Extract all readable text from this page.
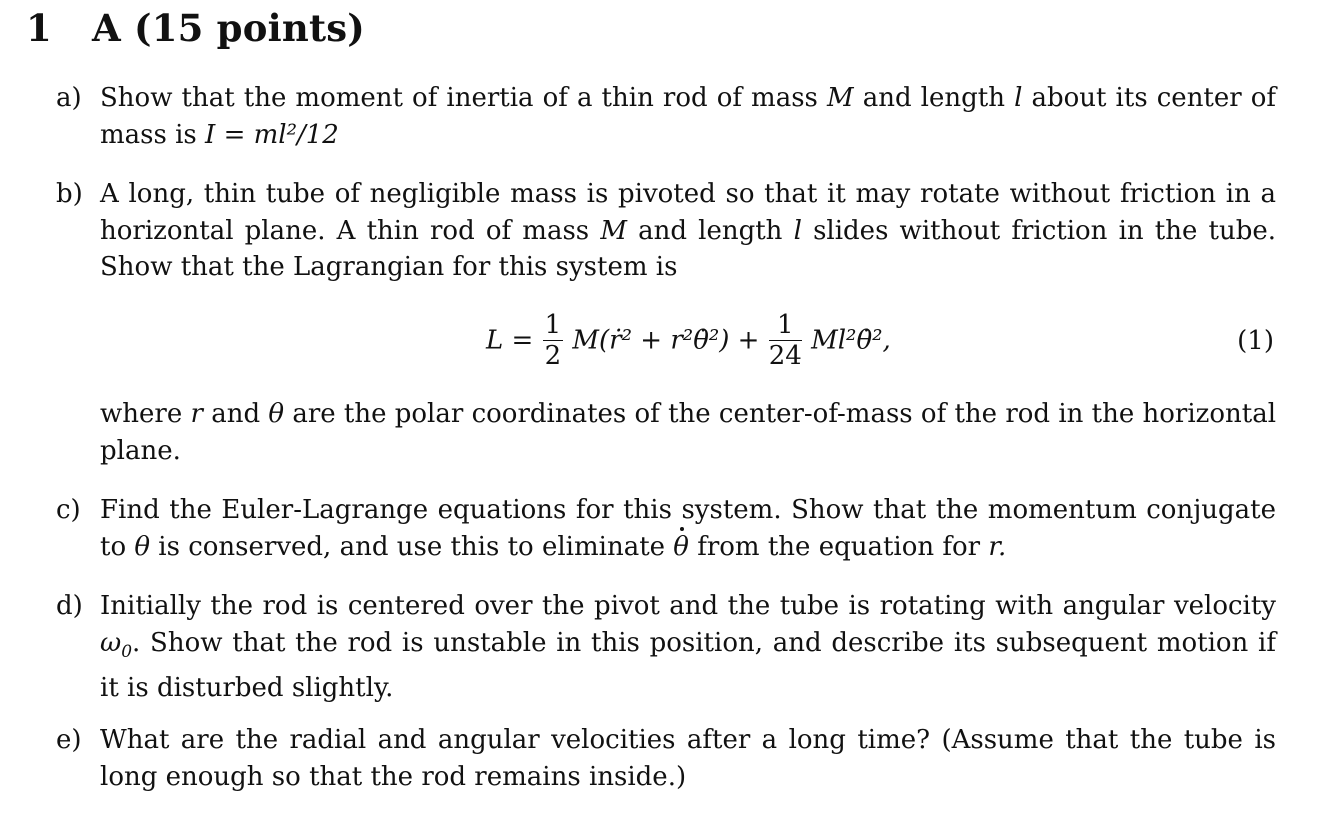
1 A (15 points)
a) Show that the moment of inertia of a thin rod of mass M and length l about its center of mass is I = ml²/12
b) A long, thin tube of negligible mass is pivoted so that it may rotate without friction in a horizontal plane. A thin rod of mass M and length l slides without friction in the tube. Show that the Lagrangian for this system is
$L = \frac{1}{2}$ M(ṙ² + r²θ̇²) + $\frac{1}{24}$ Ml²θ̇²,	(1)
where r and θ are the polar coordinates of the center-of-mass of the rod in the horizontal plane.
c) Find the Euler-Lagrange equations for this system. Show that the momentum conjugate to θ is conserved, and use this to eliminate θ from the equation for r.
d) Initially the rod is centered over the pivot and the tube is rotating with angular velocity $\omega_0$. Show that the rod is unstable in this position, and describe its subsequent motion if it is disturbed slightly.
e) What are the radial and angular velocities after a long time? (Assume that the tube is long enough so that the rod remains inside.)
